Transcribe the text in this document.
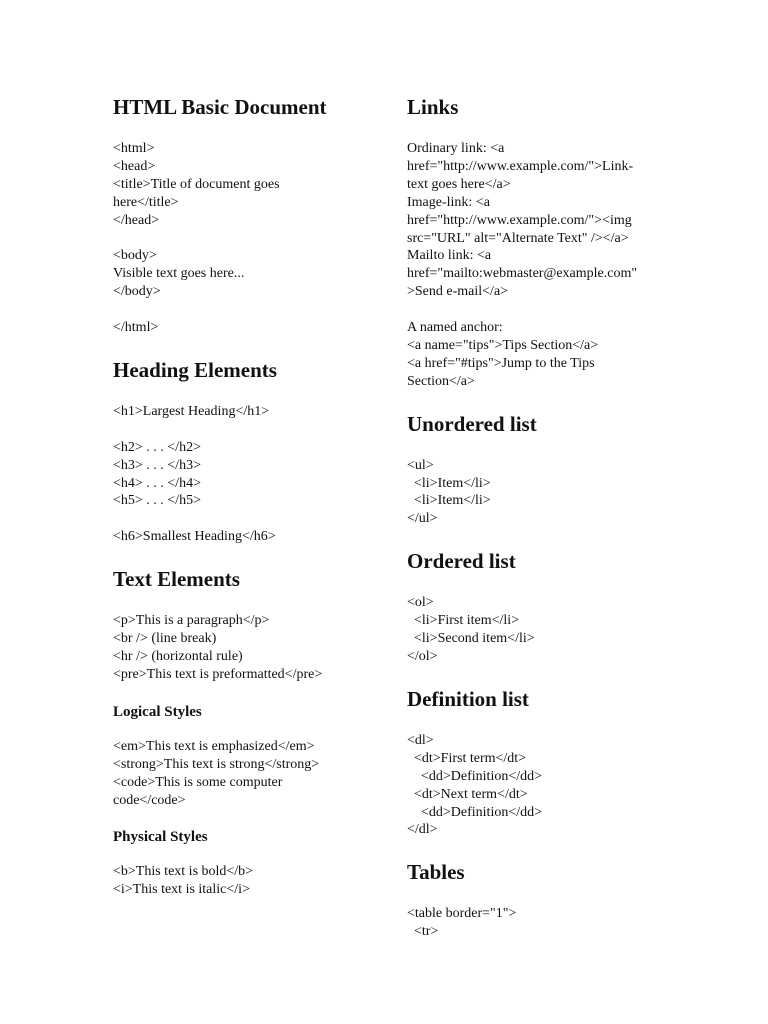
HTML Basic Document
<html>
<head>
<title>Title of document goes
here</title>
</head>
<body>
Visible text goes here...
</body>
</html>
Heading Elements
<h1>Largest Heading</h1>
<h2> . . . </h2>
<h3> . . . </h3>
<h4> . . . </h4>
<h5> . . . </h5>
<h6>Smallest Heading</h6>
Text Elements
<p>This is a paragraph</p>
<br /> (line break)
<hr /> (horizontal rule)
<pre>This text is preformatted</pre>
Logical Styles
<em>This text is emphasized</em>
<strong>This text is strong</strong>
<code>This is some computer
code</code>
Physical Styles
<b>This text is bold</b>
<i>This text is italic</i>
Links
Ordinary link: <a
href="http://www.example.com/">Link-
text goes here</a>
Image-link: <a
href="http://www.example.com/"><img
src="URL" alt="Alternate Text" /></a>
Mailto link: <a
href="mailto:webmaster@example.com"
>Send e-mail</a>
A named anchor:
<a name="tips">Tips Section</a>
<a href="#tips">Jump to the Tips
Section</a>
Unordered list
<ul>
<li>Item</li>
<li>Item</li>
</ul>
Ordered list
<ol>
<li>First item</li>
<li>Second item</li>
</ol>
Definition list
<dl>
<dt>First term</dt>
<dd>Definition</dd>
<dt>Next term</dt>
<dd>Definition</dd>
</dl>
Tables
<table border="1">
<tr>
